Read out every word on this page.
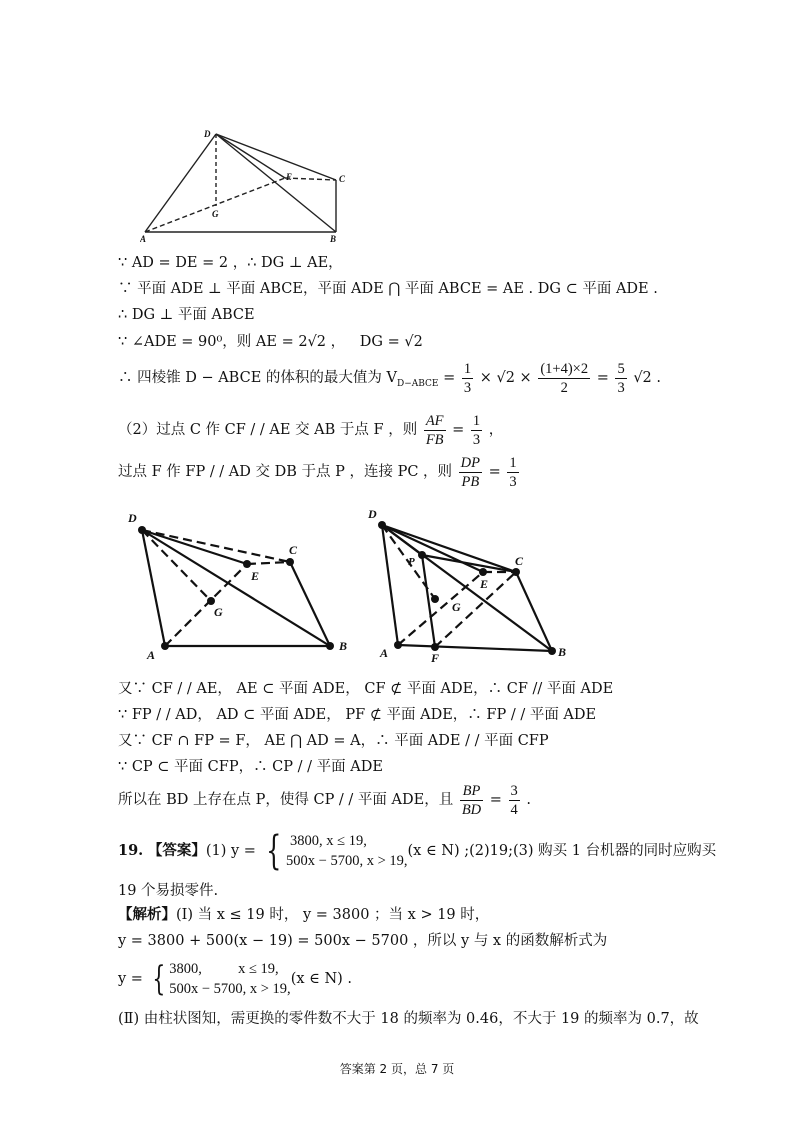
D
E	C
G
A	B
∵ AD = DE = 2 ，∴ DG ⊥ AE，
∵ 平面 ADE ⊥ 平面 ABCE，平面 ADE ⋂ 平面 ABCE = AE . DG ⊂ 平面 ADE .
∴ DG ⊥ 平面 ABCE
∵ ∠ADE = 90⁰，则 AE = 2√2 ， DG = √2
∴ 四棱锥 D − ABCE 的体积的最大值为 $V_{D-ABCE} = \frac{1}{3} \times √2 \times \frac{(1+4)\times 2}{2} = \frac{5}{3} √2$ .
（2）过点 C 作 CF / / AE 交 AB 于点 F ，则 $\frac{AF}{FB} = \frac{1}{3}$ ，
过点 F 作 FP / / AD 交 DB 于点 P ，连接 PC ，则 $\frac{DP}{PB} = \frac{1}{3}$
D
C
E
G
A
B
D
P	C
E
G
A	F	B
又∵ CF / / AE， AE ⊂ 平面 ADE， CF ⊄ 平面 ADE，∴ CF // 平面 ADE
∵ FP / / AD， AD ⊂ 平面 ADE， PF ⊄ 平面 ADE，∴ FP / / 平面 ADE
又∵ CF ∩ FP = F， AE ⋂ AD = A，∴ 平面 ADE / / 平面 CFP
∵ CP ⊂ 平面 CFP，∴ CP / / 平面 ADE
所以在 BD 上存在点 P，使得 CP / / 平面 ADE，且 $\frac{BP}{BD} = \frac{3}{4}$ .
19. 【答案】(1) y = { 3800, x ≤ 19,
500x − 5700, x > 19,
(x ∈ N) ;(2)19;(3) 购买 1 台机器的同时应购买
19 个易损零件.
【解析】(Ⅰ) 当 x ≤ 19 时， y = 3800 ；当 x > 19 时，
y = 3800 + 500(x − 19) = 500x − 5700 ，所以 y 与 x 的函数解析式为
y = { 3800,          x ≤ 19,
500x − 5700, x > 19,
(x ∈ N) .
(Ⅱ) 由柱状图知，需更换的零件数不大于 18 的频率为 0.46，不大于 19 的频率为 0.7，故
答案第 2 页，总 7 页
